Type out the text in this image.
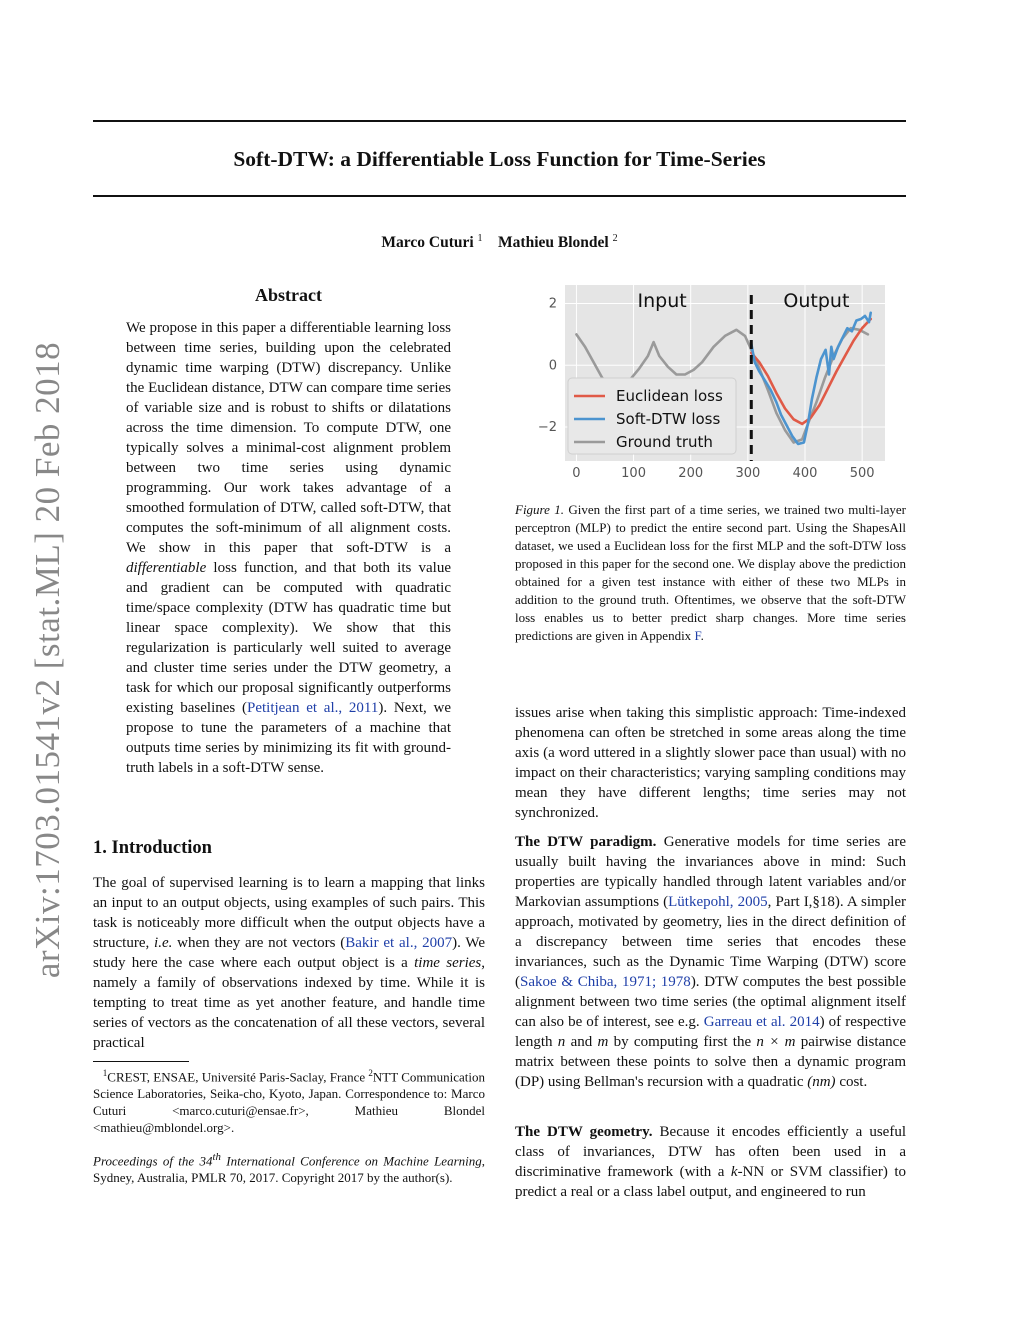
Soft-DTW: a Differentiable Loss Function for Time-Series
Marco Cuturi $^1$ Mathieu Blondel $^2$
arXiv:1703.01541v2 [stat.ML] 20 Feb 2018
Abstract
We propose in this paper a differentiable learning loss between time series, building upon the celebrated dynamic time warping (DTW) discrepancy. Unlike the Euclidean distance, DTW can compare time series of variable size and is robust to shifts or dilatations across the time dimension. To compute DTW, one typically solves a minimal-cost alignment problem between two time series using dynamic programming. Our work takes advantage of a smoothed formulation of DTW, called soft-DTW, that computes the soft-minimum of all alignment costs. We show in this paper that soft-DTW is a differentiable loss function, and that both its value and gradient can be computed with quadratic time/space complexity (DTW has quadratic time but linear space complexity). We show that this regularization is particularly well suited to average and cluster time series under the DTW geometry, a task for which our proposal significantly outperforms existing baselines (Petitjean et al., 2011). Next, we propose to tune the parameters of a machine that outputs time series by minimizing its fit with ground-truth labels in a soft-DTW sense.
1. Introduction
The goal of supervised learning is to learn a mapping that links an input to an output objects, using examples of such pairs. This task is noticeably more difficult when the output objects have a structure, i.e. when they are not vectors (Bakir et al., 2007). We study here the case where each output object is a time series, namely a family of observations indexed by time. While it is tempting to treat time as yet another feature, and handle time series of vectors as the concatenation of all these vectors, several practical
$^1$CREST, ENSAE, Université Paris-Saclay, France $^2$NTT Communication Science Laboratories, Seika-cho, Kyoto, Japan. Correspondence to: Marco Cuturi <marco.cuturi@ensae.fr>, Mathieu Blondel <mathieu@mblondel.org>.
Proceedings of the 34th International Conference on Machine Learning, Sydney, Australia, PMLR 70, 2017. Copyright 2017 by the author(s).
0	100 200 300 400 500
2
0
−2
Input	Output
Euclidean loss
Soft-DTW loss
Ground truth
Figure 1. Given the first part of a time series, we trained two multi-layer perceptron (MLP) to predict the entire second part. Using the ShapesAll dataset, we used a Euclidean loss for the first MLP and the soft-DTW loss proposed in this paper for the second one. We display above the prediction obtained for a given test instance with either of these two MLPs in addition to the ground truth. Oftentimes, we observe that the soft-DTW loss enables us to better predict sharp changes. More time series predictions are given in Appendix F.
issues arise when taking this simplistic approach: Time-indexed phenomena can often be stretched in some areas along the time axis (a word uttered in a slightly slower pace than usual) with no impact on their characteristics; varying sampling conditions may mean they have different lengths; time series may not synchronized.
The DTW paradigm. Generative models for time series are usually built having the invariances above in mind: Such properties are typically handled through latent variables and/or Markovian assumptions (Lütkepohl, 2005, Part I,§18). A simpler approach, motivated by geometry, lies in the direct definition of a discrepancy between time series that encodes these invariances, such as the Dynamic Time Warping (DTW) score (Sakoe & Chiba, 1971; 1978). DTW computes the best possible alignment between two time series (the optimal alignment itself can also be of interest, see e.g. Garreau et al. 2014) of respective length n and m by computing first the n × m pairwise distance matrix between these points to solve then a dynamic program (DP) using Bellman's recursion with a quadratic (nm) cost.
The DTW geometry. Because it encodes efficiently a useful class of invariances, DTW has often been used in a discriminative framework (with a k-NN or SVM classifier) to predict a real or a class label output, and engineered to run
